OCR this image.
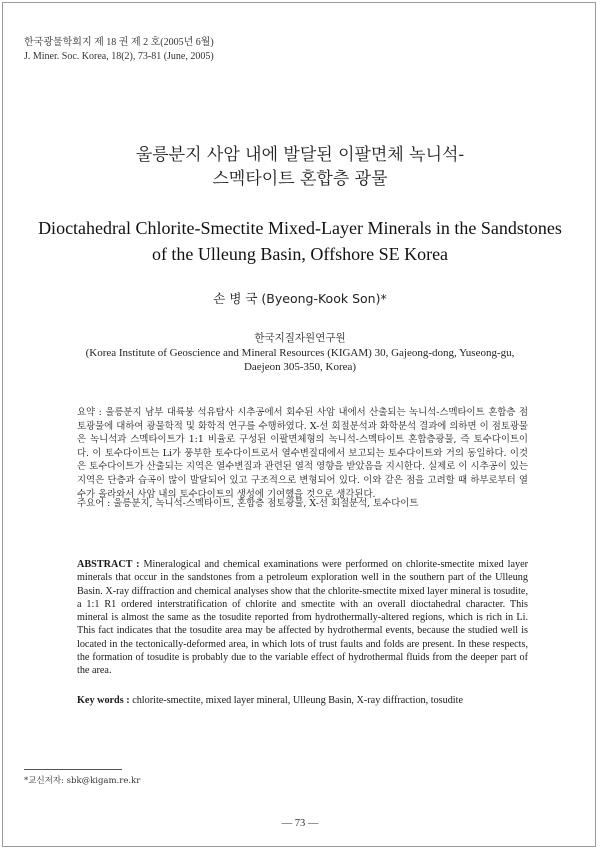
한국광물학회지 제 18 권 제 2 호(2005년 6월)
J. Miner. Soc. Korea, 18(2), 73-81 (June, 2005)
울릉분지 사암 내에 발달된 이팔면체 녹니석-
스멕타이트 혼합층 광물
Dioctahedral Chlorite-Smectite Mixed-Layer Minerals in the Sandstones
of the Ulleung Basin, Offshore SE Korea
손 병 국 (Byeong-Kook Son)*
한국지질자원연구원
(Korea Institute of Geoscience and Mineral Resources (KIGAM) 30, Gajeong-dong, Yuseong-gu, Daejeon 305-350, Korea)
요약 : 울릉분지 남부 대륙붕 석유탐사 시추공에서 회수된 사암 내에서 산출되는 녹니석-스멕타이트 혼합층 점토광물에 대하여 광물학적 및 화학적 연구를 수행하였다. X-선 회절분석과 화학분석 결과에 의하면 이 점토광물은 녹니석과 스멕타이트가 1:1 비율로 구성된 이팔면체형의 녹니석-스멕타이트 혼합층광물, 즉 토수다이트이다. 이 토수다이트는 Li가 풍부한 토수다이트로서 열수변질대에서 보고되는 토수다이트와 거의 동일하다. 이것은 토수다이트가 산출되는 지역은 열수변질과 관련된 열적 영향을 받았음을 지시한다. 실제로 이 시추공이 있는 지역은 단층과 습곡이 많이 발달되어 있고 구조적으로 변형되어 있다. 이와 같은 점을 고려할 때 하부로부터 열수가 올라와서 사암 내의 토수다이트의 생성에 기여했을 것으로 생각된다.
주요어 : 울릉분지, 녹니석-스멕타이트, 혼합층 점토광물, X-선 회절분석, 토수다이트
ABSTRACT : Mineralogical and chemical examinations were performed on chlorite-smectite mixed layer minerals that occur in the sandstones from a petroleum exploration well in the southern part of the Ulleung Basin. X-ray diffraction and chemical analyses show that the chlorite-smectite mixed layer mineral is tosudite, a 1:1 R1 ordered interstratification of chlorite and smectite with an overall dioctahedral character. This mineral is almost the same as the tosudite reported from hydrothermally-altered regions, which is rich in Li. This fact indicates that the tosudite area may be affected by hydrothermal events, because the studied well is located in the tectonically-deformed area, in which lots of trust faults and folds are present. In these respects, the formation of tosudite is probably due to the variable effect of hydrothermal fluids from the deeper part of the area.
Key words : chlorite-smectite, mixed layer mineral, Ulleung Basin, X-ray diffraction, tosudite
*교신저자: sbk@kigam.re.kr
— 73 —
